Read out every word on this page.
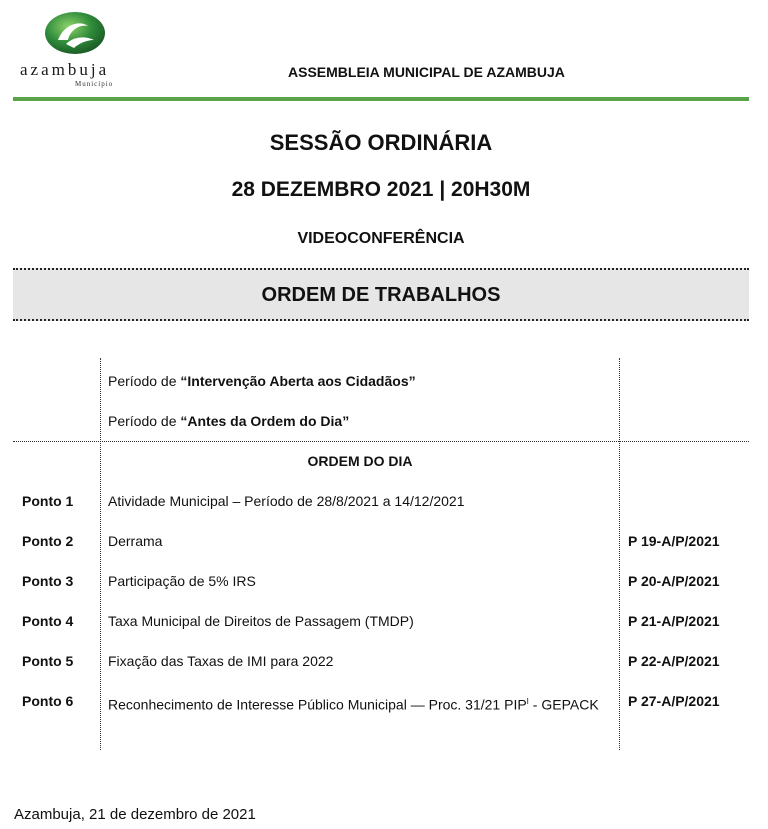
azambuja
Município
ASSEMBLEIA MUNICIPAL DE AZAMBUJA
SESSÃO ORDINÁRIA
28 DEZEMBRO 2021 | 20H30M
VIDEOCONFERÊNCIA
ORDEM DE TRABALHOS
Período de “Intervenção Aberta aos Cidadãos”
Período de “Antes da Ordem do Dia”
ORDEM DO DIA
Ponto 1 Atividade Municipal – Período de 28/8/2021 a 14/12/2021
Ponto 2 Derrama	P 19-A/P/2021
Ponto 3 Participação de 5% IRS	P 20-A/P/2021
Ponto 4 Taxa Municipal de Direitos de Passagem (TMDP)	P 21-A/P/2021
Ponto 5 Fixação das Taxas de IMI para 2022	P 22-A/P/2021
Ponto 6 Reconhecimento de Interesse Público Municipal — Proc. 31/21 $PIP^I$ - GEPACK	P 27-A/P/2021
Azambuja, 21 de dezembro de 2021
